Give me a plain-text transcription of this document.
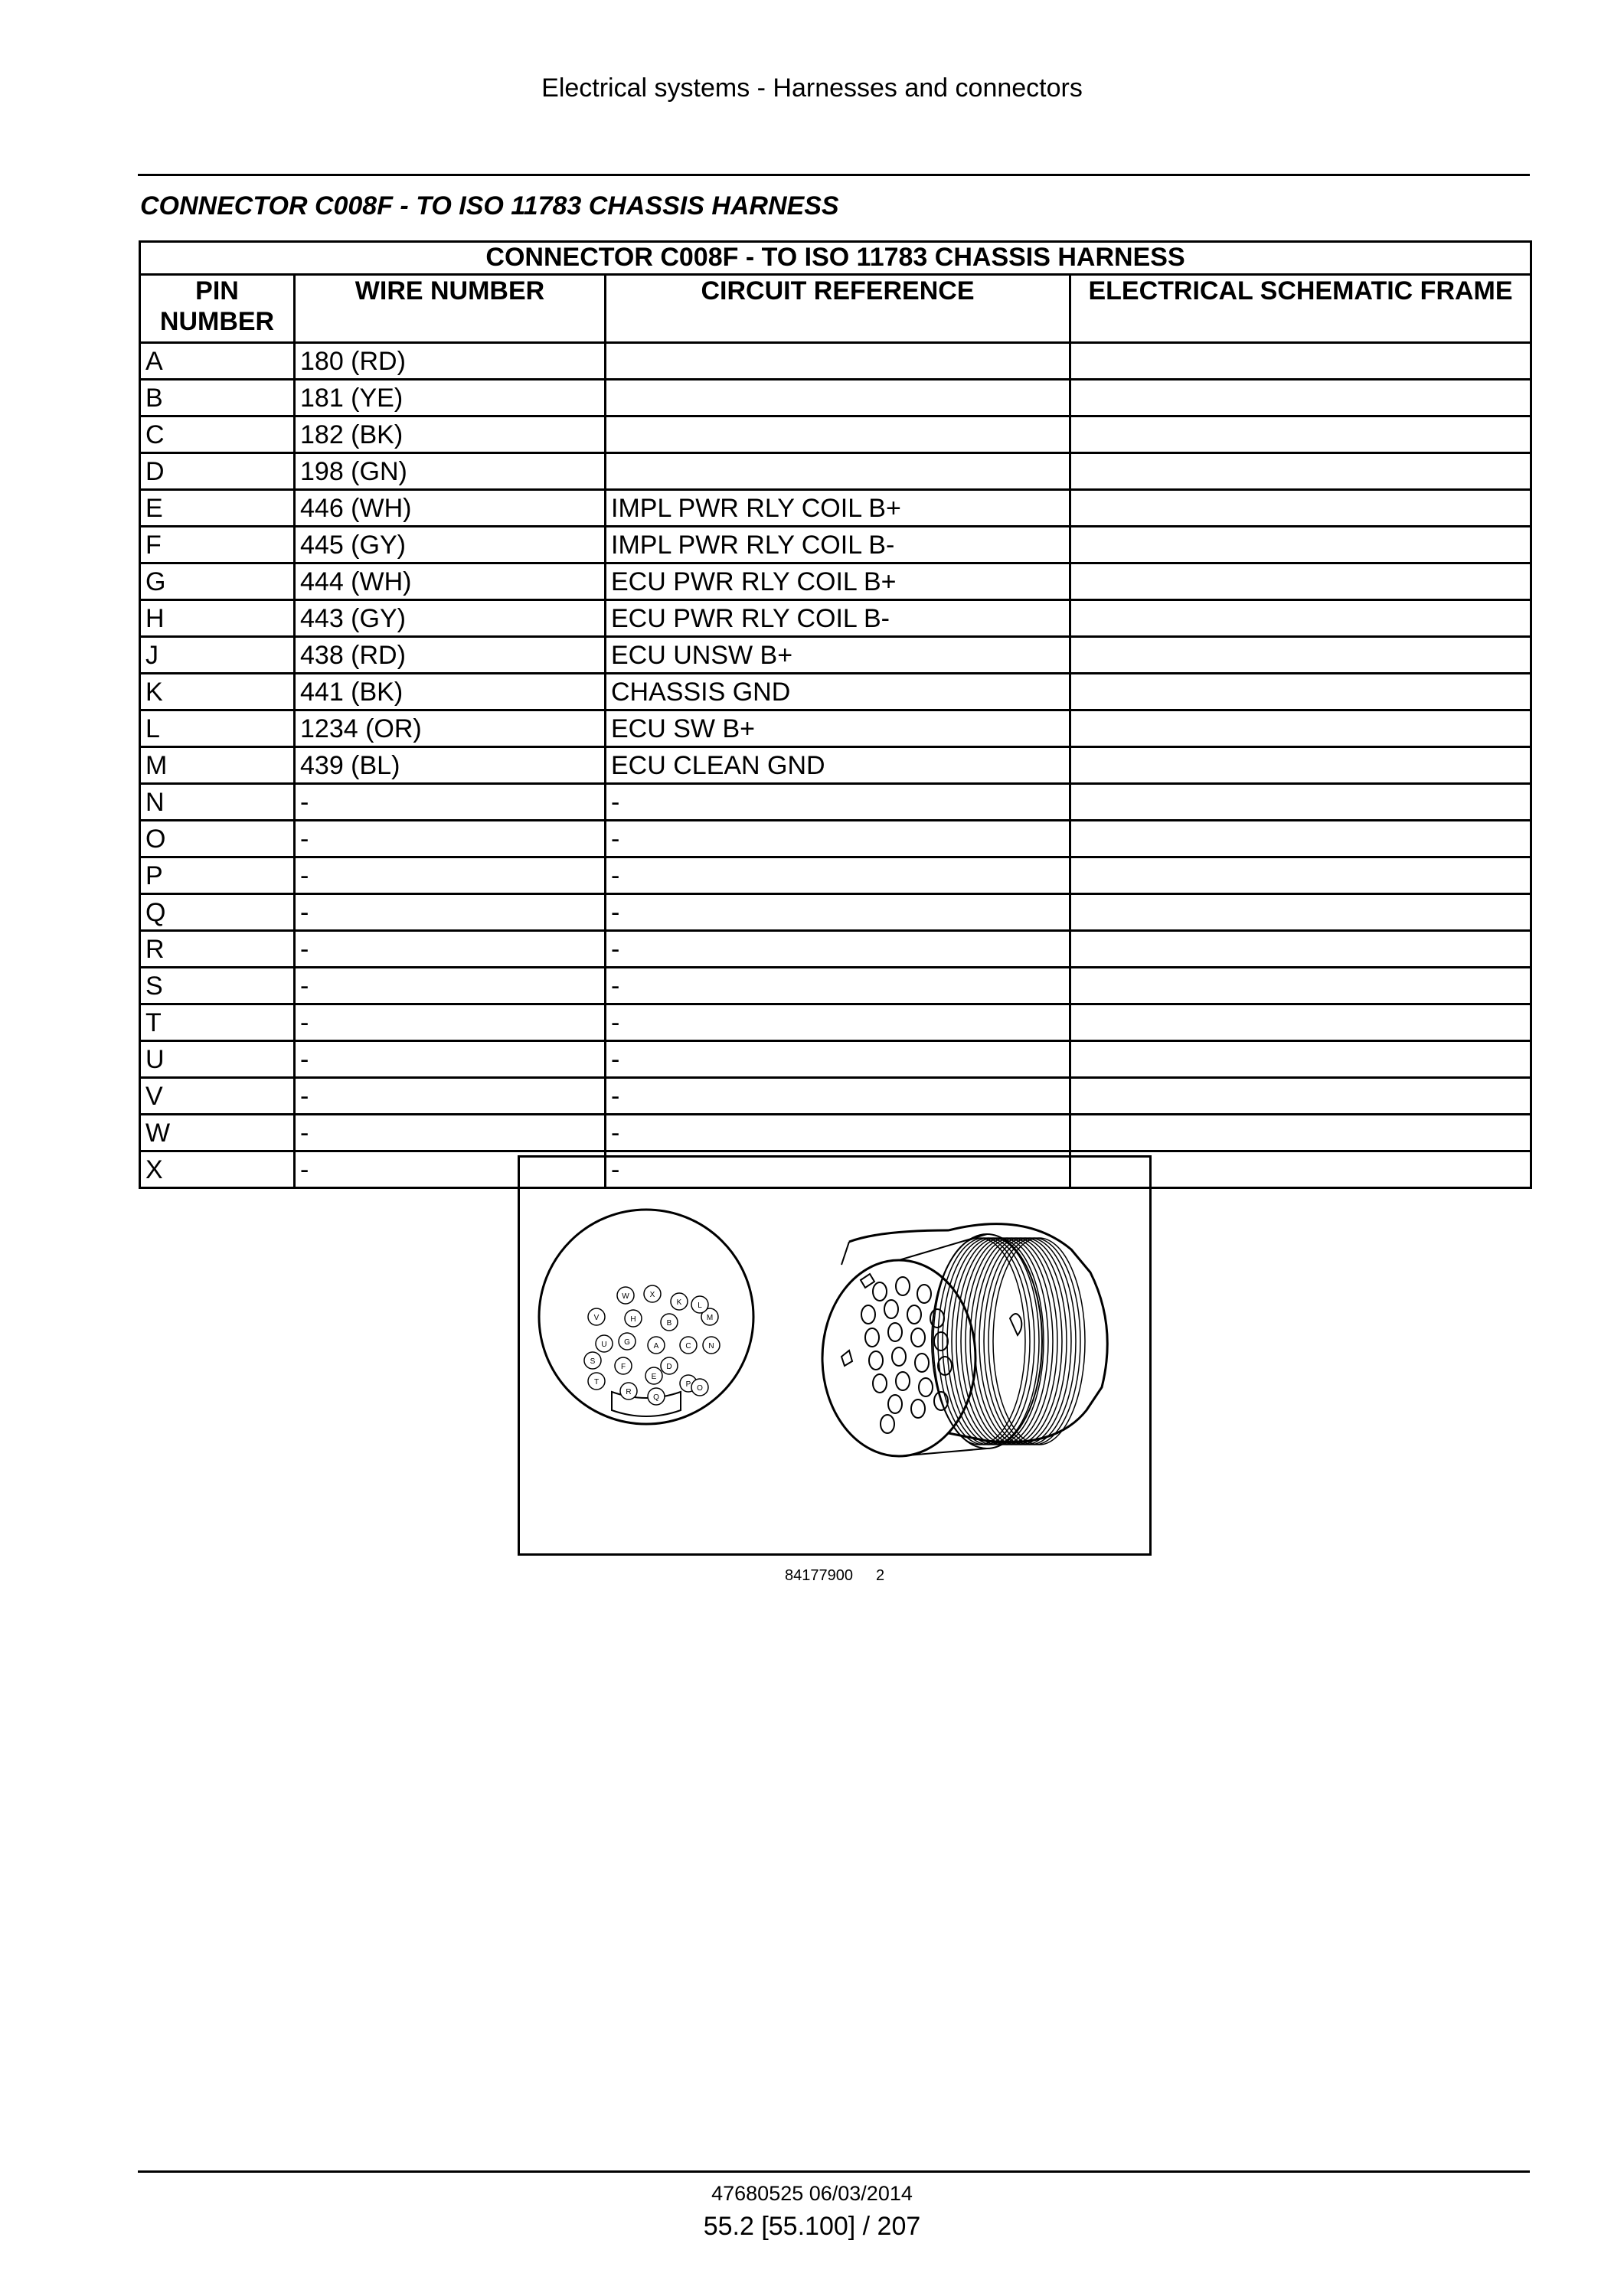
Electrical systems - Harnesses and connectors
CONNECTOR C008F - TO ISO 11783 CHASSIS HARNESS
CONNECTOR C008F - TO ISO 11783 CHASSIS HARNESS			
PIN NUMBER	WIRE NUMBER	CIRCUIT REFERENCE	ELECTRICAL SCHEMATIC FRAME
A	180 (RD)		
B	181 (YE)		
C	182 (BK)		
D	198 (GN)		
E	446 (WH)	IMPL PWR RLY COIL B+	
F	445 (GY)	IMPL PWR RLY COIL B-	
G	444 (WH)	ECU PWR RLY COIL B+	
H	443 (GY)	ECU PWR RLY COIL B-	
J	438 (RD)	ECU UNSW B+	
K	441 (BK)	CHASSIS GND	
L	1234 (OR)	ECU SW B+	
M	439 (BL)	ECU CLEAN GND	
N	-	-	
O	-	-	
P	-	-	
Q	-	-	
R	-	-	
S	-	-	
T	-	-	
U	-	-	
V	-	-	
W	-	-	
X	-	-	
W	X
K
V	M
L
U
H	B
N
S
G	A	C
T
F	D
P
R
E
O
Q
84177900 2
47680525 06/03/2014
55.2 [55.100] / 207
